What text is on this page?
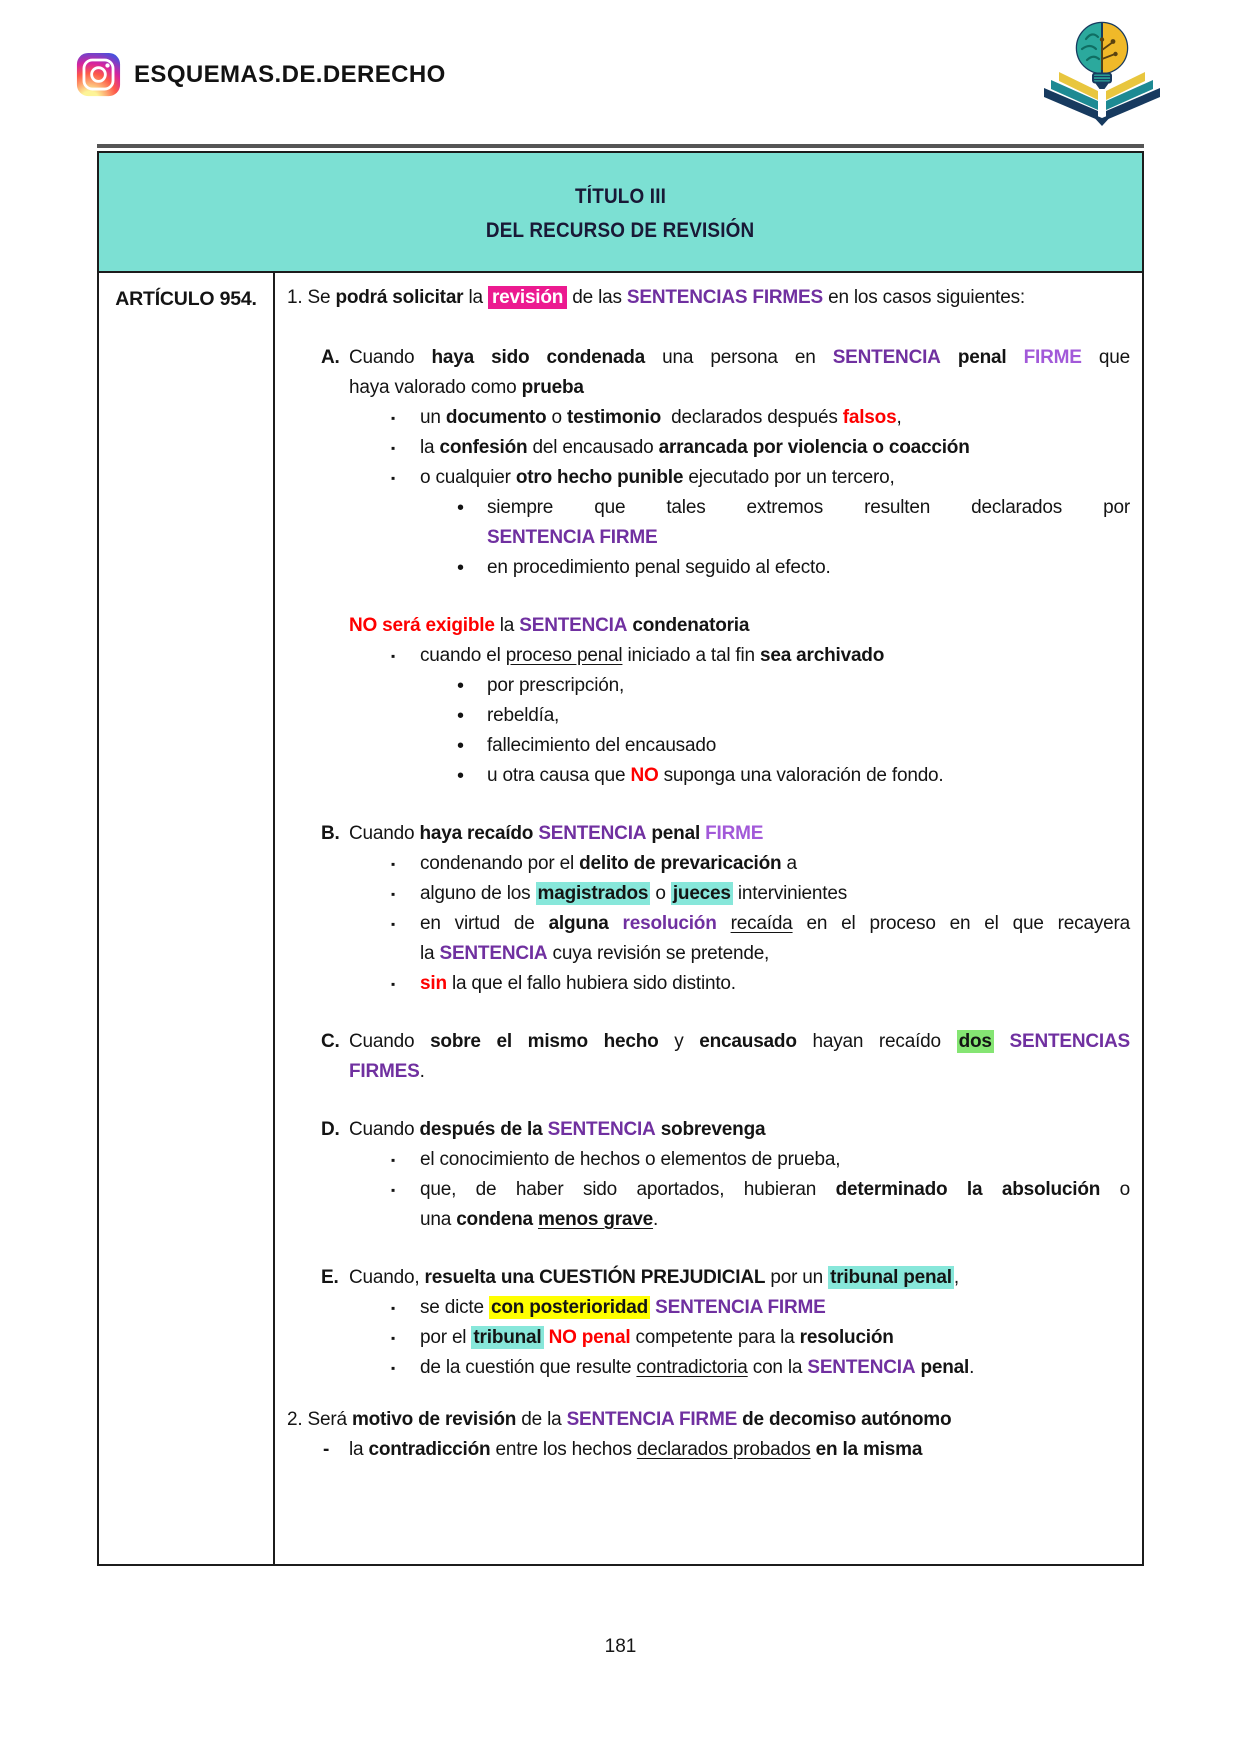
ESQUEMAS.DE.DERECHO
TÍTULO III
DEL RECURSO DE REVISIÓN
ARTÍCULO 954.	1. Se podrá solicitar la revisión de las SENTENCIAS FIRMES en los casos siguientes:
A. Cuando haya sido condenada una persona en SENTENCIA penal FIRME que
haya valorado como prueba
▪	un documento o testimonio  declarados después falsos,
▪	la confesión del encausado arrancada por violencia o coacción
▪	o cualquier otro hecho punible ejecutado por un tercero,
•	siempre que tales extremos resulten declarados por
SENTENCIA FIRME
•	en procedimiento penal seguido al efecto.
NO será exigible la SENTENCIA condenatoria
▪	cuando el proceso penal iniciado a tal fin sea archivado
•	por prescripción,
•	rebeldía,
•	fallecimiento del encausado
•	u otra causa que NO suponga una valoración de fondo.
B. Cuando haya recaído SENTENCIA penal FIRME
▪	condenando por el delito de prevaricación a
▪	alguno de los magistrados o jueces intervinientes
▪	en virtud de alguna resolución recaída en el proceso en el que recayera
la SENTENCIA cuya revisión se pretende,
▪	sin la que el fallo hubiera sido distinto.
C. Cuando sobre el mismo hecho y encausado hayan recaído dos SENTENCIAS
FIRMES.
D. Cuando después de la SENTENCIA sobrevenga
▪	el conocimiento de hechos o elementos de prueba,
▪	que, de haber sido aportados, hubieran determinado la absolución o
una condena menos grave.
E. Cuando, resuelta una CUESTIÓN PREJUDICIAL por un tribunal penal ,
▪	se dicte con posterioridad SENTENCIA FIRME
▪	por el tribunal NO penal competente para la resolución
▪	de la cuestión que resulte contradictoria con la SENTENCIA penal.
2. Será motivo de revisión de la SENTENCIA FIRME de decomiso autónomo
-	la contradicción entre los hechos declarados probados en la misma
181
